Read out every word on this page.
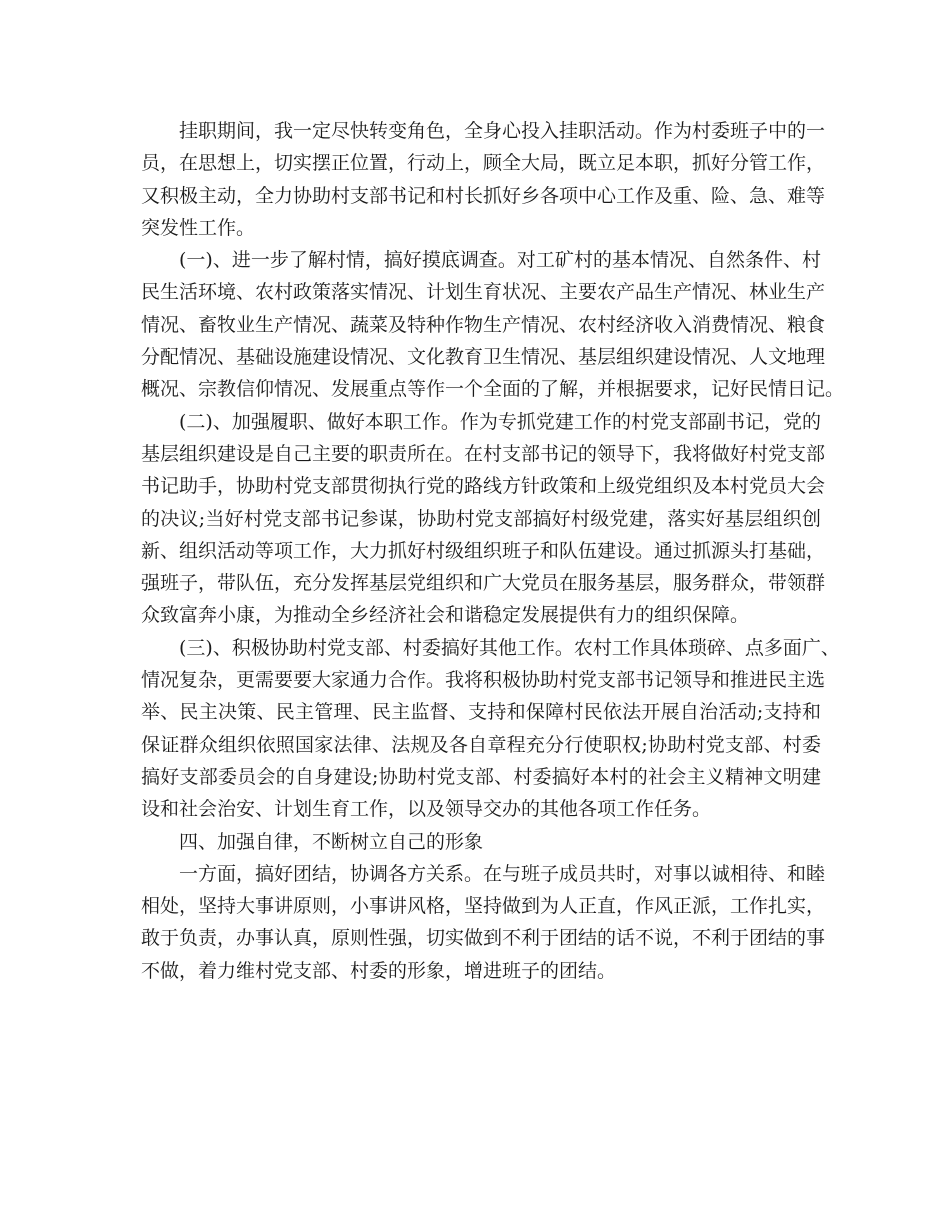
挂职期间，我一定尽快转变角色，全身心投入挂职活动。作为村委班子中的一
员，在思想上，切实摆正位置，行动上，顾全大局，既立足本职，抓好分管工作，
又积极主动，全力协助村支部书记和村长抓好乡各项中心工作及重、险、急、难等
突发性工作。
(一)、进一步了解村情，搞好摸底调查。对工矿村的基本情况、自然条件、村
民生活环境、农村政策落实情况、计划生育状况、主要农产品生产情况、林业生产
情况、畜牧业生产情况、蔬菜及特种作物生产情况、农村经济收入消费情况、粮食
分配情况、基础设施建设情况、文化教育卫生情况、基层组织建设情况、人文地理
概况、宗教信仰情况、发展重点等作一个全面的了解，并根据要求，记好民情日记。
(二)、加强履职、做好本职工作。作为专抓党建工作的村党支部副书记，党的
基层组织建设是自己主要的职责所在。在村支部书记的领导下，我将做好村党支部
书记助手，协助村党支部贯彻执行党的路线方针政策和上级党组织及本村党员大会
的决议;当好村党支部书记参谋，协助村党支部搞好村级党建，落实好基层组织创
新、组织活动等项工作，大力抓好村级组织班子和队伍建设。通过抓源头打基础，
强班子，带队伍，充分发挥基层党组织和广大党员在服务基层，服务群众，带领群
众致富奔小康，为推动全乡经济社会和谐稳定发展提供有力的组织保障。
(三)、积极协助村党支部、村委搞好其他工作。农村工作具体琐碎、点多面广、
情况复杂，更需要要大家通力合作。我将积极协助村党支部书记领导和推进民主选
举、民主决策、民主管理、民主监督、支持和保障村民依法开展自治活动;支持和
保证群众组织依照国家法律、法规及各自章程充分行使职权;协助村党支部、村委
搞好支部委员会的自身建设;协助村党支部、村委搞好本村的社会主义精神文明建
设和社会治安、计划生育工作，以及领导交办的其他各项工作任务。
四、加强自律，不断树立自己的形象
一方面，搞好团结，协调各方关系。在与班子成员共时，对事以诚相待、和睦
相处，坚持大事讲原则，小事讲风格，坚持做到为人正直，作风正派，工作扎实，
敢于负责，办事认真，原则性强，切实做到不利于团结的话不说，不利于团结的事
不做，着力维村党支部、村委的形象，增进班子的团结。
